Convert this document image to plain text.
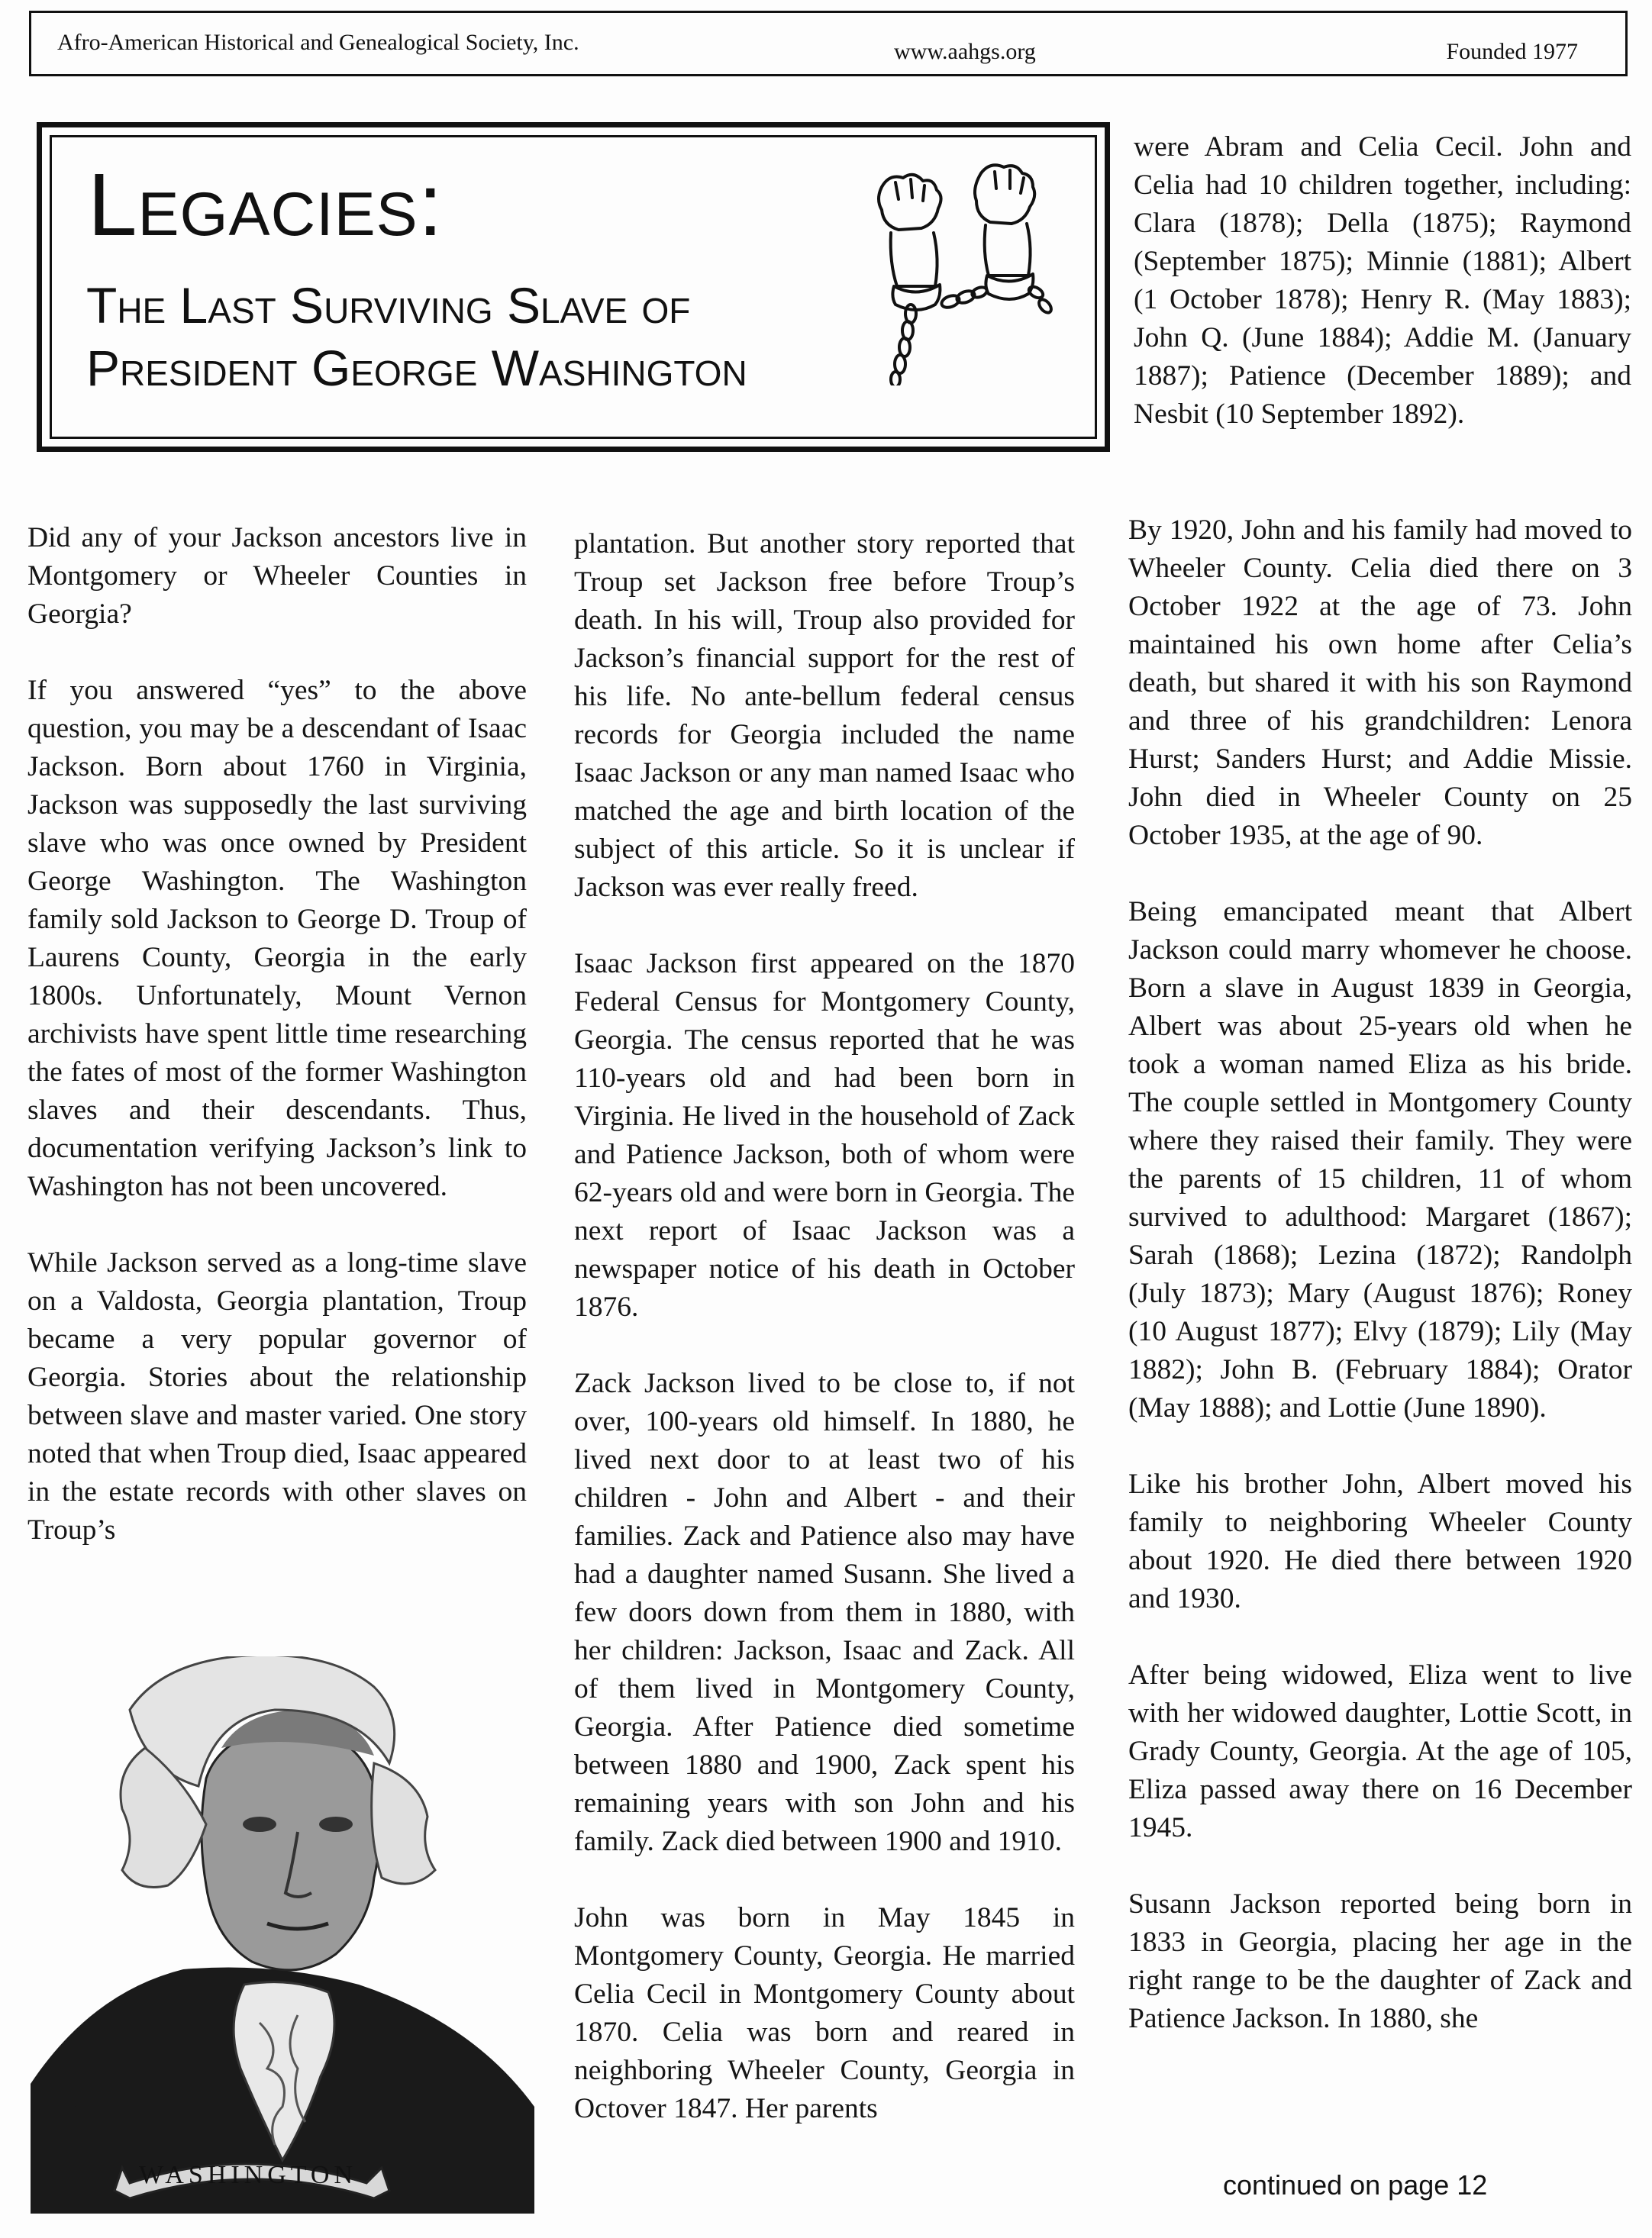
Afro-American Historical and Genealogical Society, Inc.	www.aahgs.org	Founded 1977
Legacies:
The Last Surviving Slave of
President George Washington

were Abram and Celia Cecil. John and Celia had 10 children together, including: Clara (1878); Della (1875); Raymond (September 1875); Minnie (1881); Albert (1 October 1878); Henry R. (May 1883); John Q. (June 1884); Addie M. (January 1887); Patience (December 1889); and Nesbit (10 September 1892).

Did any of your Jackson ancestors live in Montgomery or Wheeler Counties in Georgia?

If you answered “yes” to the above question, you may be a descendant of Isaac Jackson. Born about 1760 in Virginia, Jackson was supposedly the last surviving slave who was once owned by President George Washington. The Washington family sold Jackson to George D. Troup of Laurens County, Georgia in the early 1800s. Unfortunately, Mount Vernon archivists have spent little time researching the fates of most of the former Washington slaves and their descendants. Thus, documentation verifying Jackson’s link to Washington has not been uncovered.

While Jackson served as a long-time slave on a Valdosta, Georgia plantation, Troup became a very popular governor of Georgia. Stories about the relationship between slave and master varied. One story noted that when Troup died, Isaac appeared in the estate records with other slaves on Troup’s

WASHINGTON

plantation. But another story reported that Troup set Jackson free before Troup’s death. In his will, Troup also provided for Jackson’s financial support for the rest of his life. No ante-bellum federal census records for Georgia included the name Isaac Jackson or any man named Isaac who matched the age and birth location of the subject of this article. So it is unclear if Jackson was ever really freed.

Isaac Jackson first appeared on the 1870 Federal Census for Montgomery County, Georgia. The census reported that he was 110-years old and had been born in Virginia. He lived in the household of Zack and Patience Jackson, both of whom were 62-years old and were born in Georgia. The next report of Isaac Jackson was a newspaper notice of his death in October 1876.

Zack Jackson lived to be close to, if not over, 100-years old himself. In 1880, he lived next door to at least two of his children - John and Albert - and their families. Zack and Patience also may have had a daughter named Susann. She lived a few doors down from them in 1880, with her children: Jackson, Isaac and Zack. All of them lived in Montgomery County, Georgia. After Patience died sometime between 1880 and 1900, Zack spent his remaining years with son John and his family. Zack died between 1900 and 1910.

John was born in May 1845 in Montgomery County, Georgia. He married Celia Cecil in Montgomery County about 1870. Celia was born and reared in neighboring Wheeler County, Georgia in Octover 1847. Her parents

By 1920, John and his family had moved to Wheeler County. Celia died there on 3 October 1922 at the age of 73. John maintained his own home after Celia’s death, but shared it with his son Raymond and three of his grandchildren: Lenora Hurst; Sanders Hurst; and Addie Missie. John died in Wheeler County on 25 October 1935, at the age of 90.

Being emancipated meant that Albert Jackson could marry whomever he choose. Born a slave in August 1839 in Georgia, Albert was about 25-years old when he took a woman named Eliza as his bride. The couple settled in Montgomery County where they raised their family. They were the parents of 15 children, 11 of whom survived to adulthood: Margaret (1867); Sarah (1868); Lezina (1872); Randolph (July 1873); Mary (August 1876); Roney (10 August 1877); Elvy (1879); Lily (May 1882); John B. (February 1884); Orator (May 1888); and Lottie (June 1890).

Like his brother John, Albert moved his family to neighboring Wheeler County about 1920. He died there between 1920 and 1930.

After being widowed, Eliza went to live with her widowed daughter, Lottie Scott, in Grady County, Georgia. At the age of 105, Eliza passed away there on 16 December 1945.

Susann Jackson reported being born in 1833 in Georgia, placing her age in the right range to be the daughter of Zack and Patience Jackson. In 1880, she

continued on page 12
